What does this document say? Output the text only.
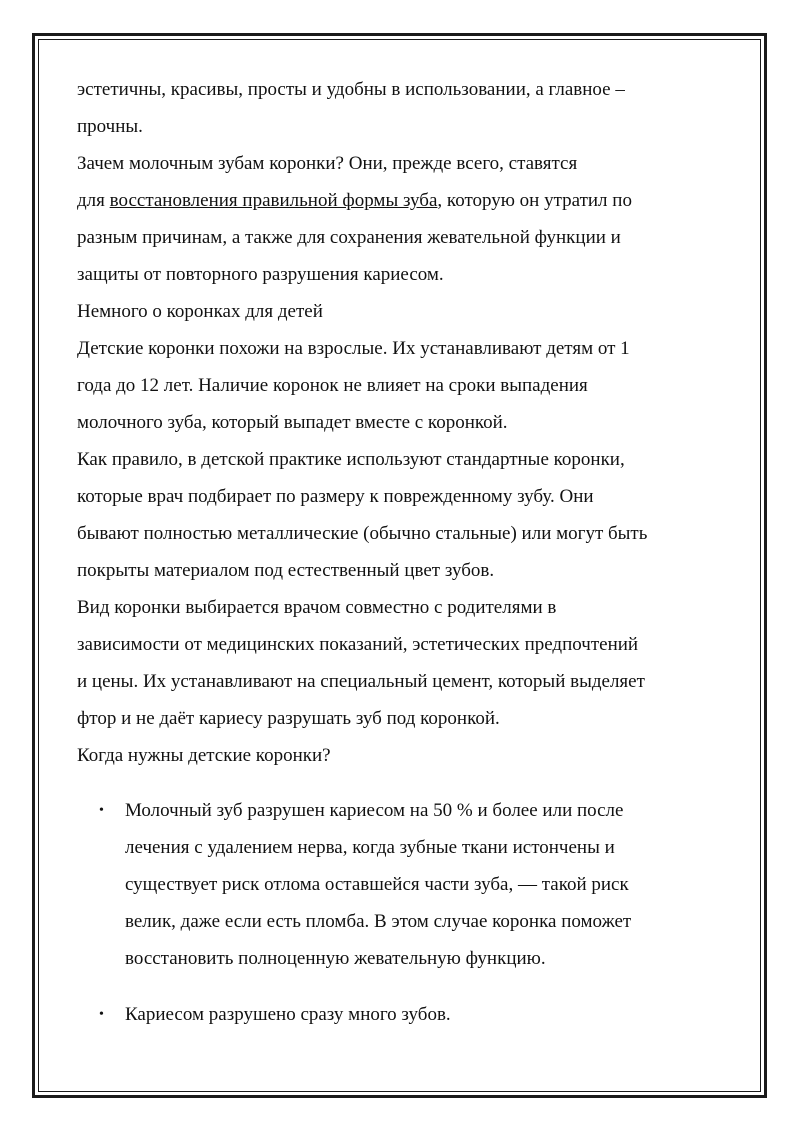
эстетичны, красивы, просты и удобны в использовании, а главное –
прочны.
Зачем молочным зубам коронки? Они, прежде всего, ставятся
для восстановления правильной формы зуба, которую он утратил по
разным причинам, а также для сохранения жевательной функции и
защиты от повторного разрушения кариесом.
Немного о коронках для детей
Детские коронки похожи на взрослые. Их устанавливают детям от 1
года до 12 лет. Наличие коронок не влияет на сроки выпадения
молочного зуба, который выпадет вместе с коронкой.
Как правило, в детской практике используют стандартные коронки,
которые врач подбирает по размеру к поврежденному зубу. Они
бывают полностью металлические (обычно стальные) или могут быть
покрыты материалом под естественный цвет зубов.
Вид коронки выбирается врачом совместно с родителями в
зависимости от медицинских показаний, эстетических предпочтений
и цены. Их устанавливают на специальный цемент, который выделяет
фтор и не даёт кариесу разрушать зуб под коронкой.
Когда нужны детские коронки?
• Молочный зуб разрушен кариесом на 50 % и более или после
лечения с удалением нерва, когда зубные ткани истончены и
существует риск отлома оставшейся части зуба, — такой риск
велик, даже если есть пломба. В этом случае коронка поможет
восстановить полноценную жевательную функцию.
• Кариесом разрушено сразу много зубов.
